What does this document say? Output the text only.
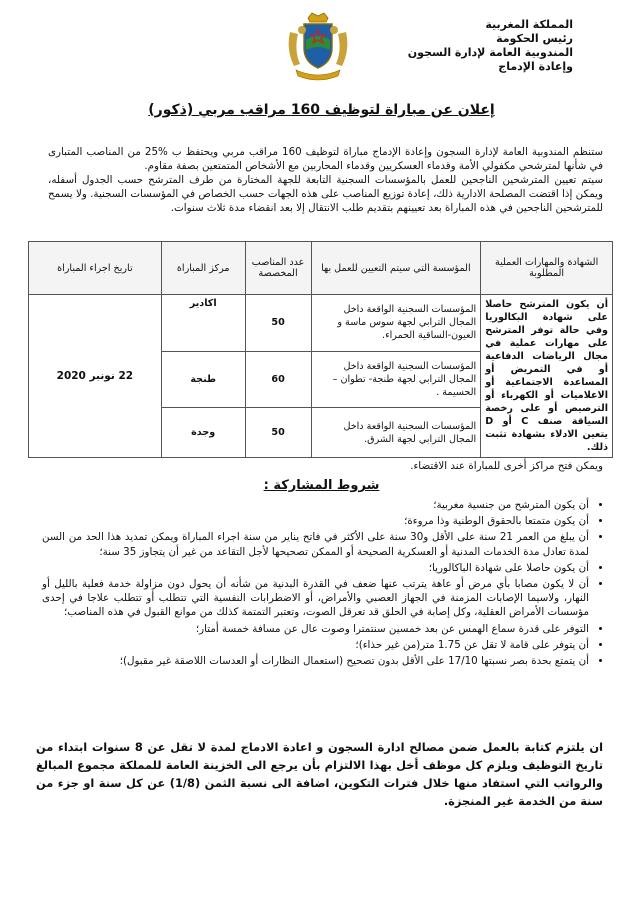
المملكة المغربية
رئيس الحكومة
المندوبية العامة لإدارة السجون
وإعادة الإدماج
إعلان عن مباراة لتوظيف 160 مراقب مربي (ذكور)

ستنظم المندوبية العامة لإدارة السجون وإعادة الإدماج مباراة لتوظيف 160 مراقب مربي ويحتفظ ب %25 من المناصب المتبارى في شأنها لمترشحي مكفولي الأمة وقدماء العسكريين وقدماء المحاربين مع الأشخاص المتمتعين بصفة مقاوم.

سيتم تعيين المترشحين الناجحين للعمل بالمؤسسات السجنية التابعة للجهة المختارة من طرف المترشح حسب الجدول أسفله، ويمكن إذا اقتضت المصلحة الادارية ذلك، إعادة توزيع المناصب على هذه الجهات حسب الخصاص في المؤسسات السجنية. ولا يسمح للمترشحين الناجحين في هذه المباراة بعد تعيينهم بتقديم طلب الانتقال إلا بعد انقضاء مدة ثلاث سنوات.

الشهادة والمهارات العملية المطلوبة	المؤسسة التي سيتم التعيين للعمل بها	عدد المناصب المخصصة	مركز المباراة	تاريخ اجراء المباراة
أن يكون المترشح حاصلا على شهادة البكالوريا وفي حالة توفر المترشح على مهارات عملية في مجال الرياضات الدفاعية أو في التمريض أو المساعدة الاجتماعية أو الاعلاميات أو الكهرباء أو الترصيص أو على رخصة السياقة صنف C أو D يتعين الادلاء بشهادة تثبت ذلك.	المؤسسات السجنية الواقعة داخل المجال الترابي لجهة سوس ماسة و العيون-الساقية الحمراء.	50	اكادير	22 نونبر 2020
	المؤسسات السجنية الواقعة داخل المجال الترابي لجهة طنجة- تطوان – الحسيمة .	60	طنجة	
	المؤسسات السجنية الواقعة داخل المجال الترابي لجهة الشرق.	50	وجدة	
ويمكن فتح مراكز أخرى للمباراة عند الاقتضاء.
شروط المشاركة :
• أن يكون المترشح من جنسية مغربية؛
• أن يكون متمتعا بالحقوق الوطنية وذا مروءة؛
• أن يبلغ من العمر 21 سنة على الأقل و30 سنة على الأكثر في فاتح يناير من سنة اجراء المباراة ويمكن تمديد هذا الحد من السن لمدة تعادل مدة الخدمات المدنية أو العسكرية الصحيحة أو الممكن تصحيحها لأجل التقاعد من غير أن يتجاوز 35 سنة؛
• أن يكون حاصلا على شهادة الباكالوريا؛
• أن لا يكون مصابا بأي مرض أو عاهة يترتب عنها ضعف في القدرة البدنية من شأنه أن يحول دون مزاولة خدمة فعلية بالليل أو النهار، ولاسيما الإصابات المزمنة في الجهاز العصبي والأمراض، أو الاضطرابات النفسية التي تتطلب أو تتطلب علاجا في إحدى مؤسسات الأمراض العقلية، وكل إصابة في الحلق قد تعرقل الصوت، وتعتبر التمتمة كذلك من موانع القبول في هذه المناصب؛
• التوفر على قدرة سماع الهمس عن بعد خمسين سنتمترا وصوت عال عن مسافة خمسة أمتار؛
• أن يتوفر على قامة لا تقل عن 1.75 متر(من غير حذاء)؛
• أن يتمتع بحدة بصر نسبتها 17/10 على الأقل بدون تصحيح (استعمال النظارات أو العدسات اللاصقة غير مقبول)؛
ان يلتزم كتابة بالعمل ضمن مصالح ادارة السجون و اعادة الادماج لمدة لا تقل عن 8 سنوات ابتداء من تاريخ التوظيف ويلزم كل موظف أخل بهذا الالتزام بأن يرجع الى الخزينة العامة للمملكة مجموع المبالغ والرواتب التي استفاد منها خلال فترات التكوين، اضافة الى نسبة الثمن (1/8) عن كل سنة او جزء من سنة من الخدمة غير المنجزة.
